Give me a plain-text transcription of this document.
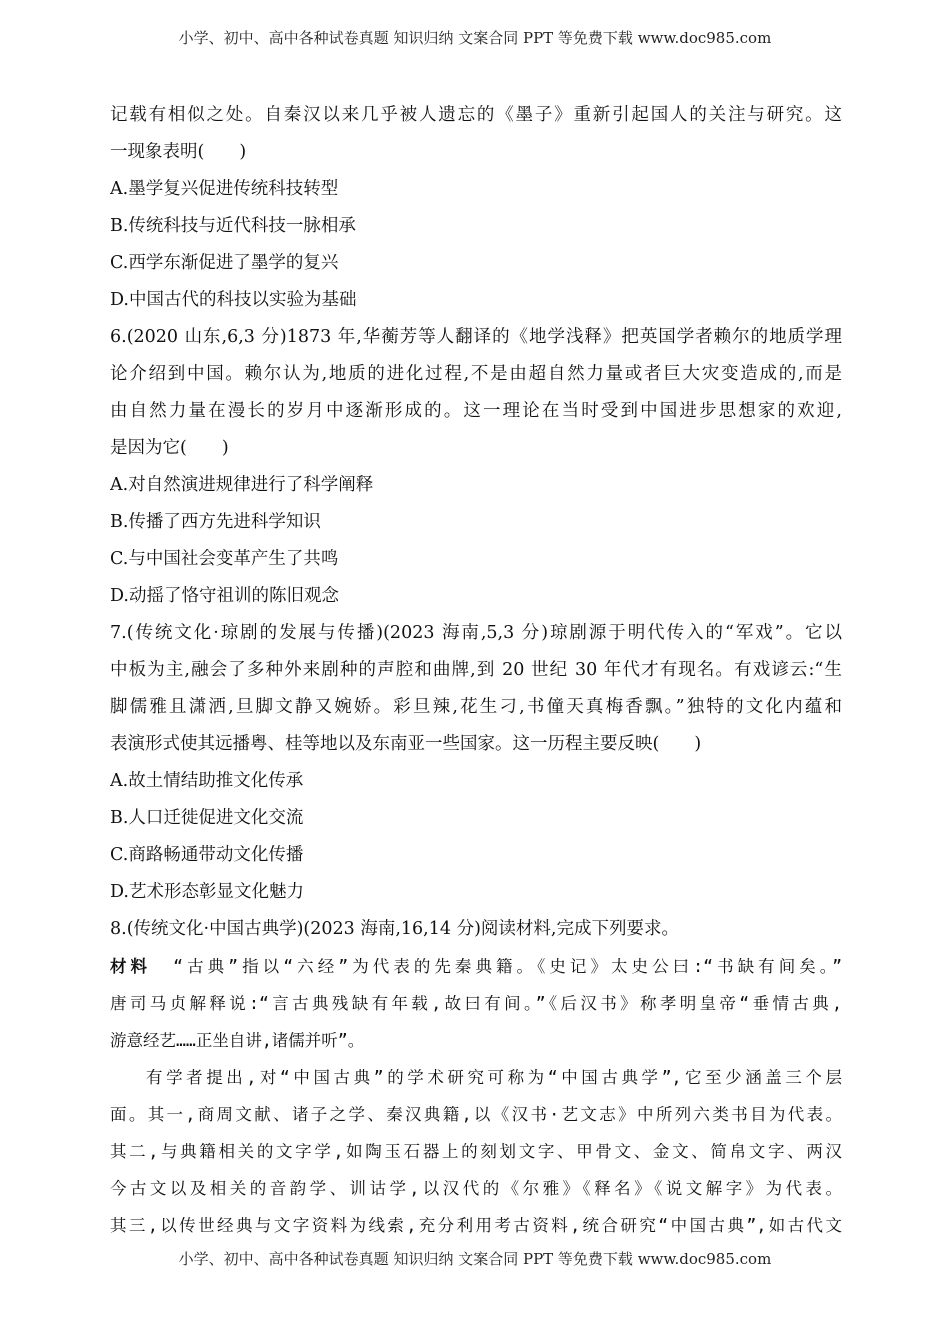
小学、初中、高中各种试卷真题 知识归纳 文案合同 PPT 等免费下载 www.doc985.com
记载有相似之处。自秦汉以来几乎被人遗忘的《墨子》重新引起国人的关注与研究。这
一现象表明(　　)
A.墨学复兴促进传统科技转型
B.传统科技与近代科技一脉相承
C.西学东渐促进了墨学的复兴
D.中国古代的科技以实验为基础
6.(2020 山东,6,3 分)1873 年,华蘅芳等人翻译的《地学浅释》把英国学者赖尔的地质学理
论介绍到中国。赖尔认为,地质的进化过程,不是由超自然力量或者巨大灾变造成的,而是
由自然力量在漫长的岁月中逐渐形成的。这一理论在当时受到中国进步思想家的欢迎,
是因为它(　　)
A.对自然演进规律进行了科学阐释
B.传播了西方先进科学知识
C.与中国社会变革产生了共鸣
D.动摇了恪守祖训的陈旧观念
7.(传统文化·琼剧的发展与传播)(2023 海南,5,3 分)琼剧源于明代传入的“军戏”。它以
中板为主,融会了多种外来剧种的声腔和曲牌,到 20 世纪 30 年代才有现名。有戏谚云:“生
脚儒雅且潇洒,旦脚文静又婉娇。彩旦辣,花生刁,书僮天真梅香飘。”独特的文化内蕴和
表演形式使其远播粤、桂等地以及东南亚一些国家。这一历程主要反映(　　)
A.故土情结助推文化传承
B.人口迁徙促进文化交流
C.商路畅通带动文化传播
D.艺术形态彰显文化魅力
8.(传统文化·中国古典学)(2023 海南,16,14 分)阅读材料,完成下列要求。
材料 “古典”指以“六经”为代表的先秦典籍。《史记》太史公曰:“书缺有间矣。”
唐司马贞解释说:“言古典残缺有年载,故曰有间。”《后汉书》称孝明皇帝“垂情古典,
游意经艺……正坐自讲,诸儒并听”。
有学者提出,对“中国古典”的学术研究可称为“中国古典学”,它至少涵盖三个层
面。其一,商周文献、诸子之学、秦汉典籍,以《汉书·艺文志》中所列六类书目为代表。
其二,与典籍相关的文字学,如陶玉石器上的刻划文字、甲骨文、金文、简帛文字、两汉
今古文以及相关的音韵学、训诂学,以汉代的《尔雅》《释名》《说文解字》为代表。
其三,以传世经典与文字资料为线索,充分利用考古资料,统合研究“中国古典”,如古代文
小学、初中、高中各种试卷真题 知识归纳 文案合同 PPT 等免费下载 www.doc985.com
